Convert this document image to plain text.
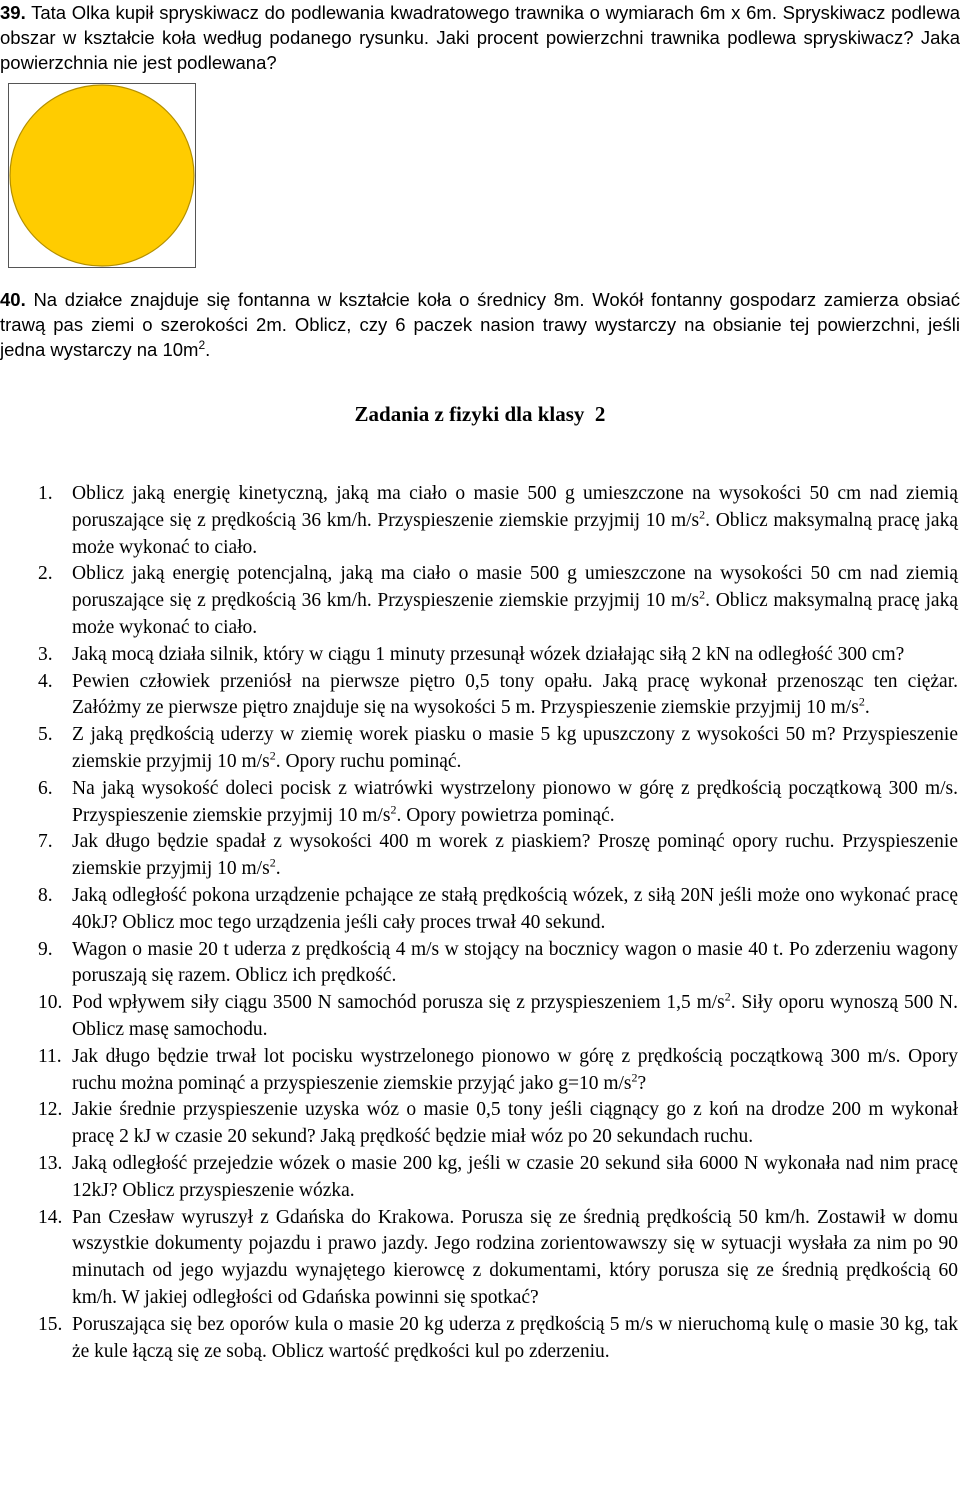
39. Tata Olka kupił spryskiwacz do podlewania kwadratowego trawnika o wymiarach 6m x 6m. Spryskiwacz podlewa obszar w kształcie koła według podanego rysunku. Jaki procent powierzchni trawnika podlewa spryskiwacz? Jaka powierzchnia nie jest podlewana?

40. Na działce znajduje się fontanna w kształcie koła o średnicy 8m. Wokół fontanny gospodarz zamierza obsiać trawą pas ziemi o szerokości 2m. Oblicz, czy 6 paczek nasion trawy wystarczy na obsianie tej powierzchni, jeśli jedna wystarczy na $10m^2$.

Zadania z fizyki dla klasy  2
1. Oblicz jaką energię kinetyczną, jaką ma ciało o masie 500 g umieszczone na wysokości 50 cm nad ziemią poruszające się z prędkością 36 km/h. Przyspieszenie ziemskie przyjmij 10 $m/s^2$. Oblicz maksymalną pracę jaką może wykonać to ciało.
2. Oblicz jaką energię potencjalną, jaką ma ciało o masie 500 g umieszczone na wysokości 50 cm nad ziemią poruszające się z prędkością 36 km/h. Przyspieszenie ziemskie przyjmij 10 $m/s^2$. Oblicz maksymalną pracę jaką może wykonać to ciało.
3. Jaką mocą działa silnik, który w ciągu 1 minuty przesunął wózek działając siłą 2 kN na odległość 300 cm?
4. Pewien człowiek przeniósł na pierwsze piętro 0,5 tony opału. Jaką pracę wykonał przenosząc ten ciężar. Załóżmy ze pierwsze piętro znajduje się na wysokości 5 m. Przyspieszenie ziemskie przyjmij 10 $m/s^2$.
5. Z jaką prędkością uderzy w ziemię worek piasku o masie 5 kg upuszczony z wysokości 50 m? Przyspieszenie ziemskie przyjmij 10 $m/s^2$. Opory ruchu pominąć.
6. Na jaką wysokość doleci pocisk z wiatrówki wystrzelony pionowo w górę z prędkością początkową 300 m/s. Przyspieszenie ziemskie przyjmij 10 $m/s^2$. Opory powietrza pominąć.
7. Jak długo będzie spadał z wysokości 400 m worek z piaskiem? Proszę pominąć opory ruchu. Przyspieszenie ziemskie przyjmij 10 $m/s^2$.
8. Jaką odległość pokona urządzenie pchające ze stałą prędkością wózek, z siłą 20N jeśli może ono wykonać pracę 40kJ? Oblicz moc tego urządzenia jeśli cały proces trwał 40 sekund.
9. Wagon o masie 20 t uderza z prędkością 4 m/s w stojący na bocznicy wagon o masie 40 t. Po zderzeniu wagony poruszają się razem. Oblicz ich prędkość.
10. Pod wpływem siły ciągu 3500 N samochód porusza się z przyspieszeniem 1,5 $m/s^2$. Siły oporu wynoszą 500 N. Oblicz masę samochodu.
11. Jak długo będzie trwał lot pocisku wystrzelonego pionowo w górę z prędkością początkową 300 m/s. Opory ruchu można pominąć a przyspieszenie ziemskie przyjąć jako g=10 $m/s^2$?
12. Jakie średnie przyspieszenie uzyska wóz o masie 0,5 tony jeśli ciągnący go z koń na drodze 200 m wykonał pracę 2 kJ w czasie 20 sekund? Jaką prędkość będzie miał wóz po 20 sekundach ruchu.
13. Jaką odległość przejedzie wózek o masie 200 kg, jeśli w czasie 20 sekund siła 6000 N wykonała nad nim pracę 12kJ? Oblicz przyspieszenie wózka.
14. Pan Czesław wyruszył z Gdańska do Krakowa. Porusza się ze średnią prędkością 50 km/h. Zostawił w domu wszystkie dokumenty pojazdu i prawo jazdy. Jego rodzina zorientowawszy się w sytuacji wysłała za nim po 90 minutach od jego wyjazdu wynajętego kierowcę z dokumentami, który porusza się ze średnią prędkością 60 km/h. W jakiej odległości od Gdańska powinni się spotkać?
15. Poruszająca się bez oporów kula o masie 20 kg uderza z prędkością 5 m/s w nieruchomą kulę o masie 30 kg, tak że kule łączą się ze sobą. Oblicz wartość prędkości kul po zderzeniu.
